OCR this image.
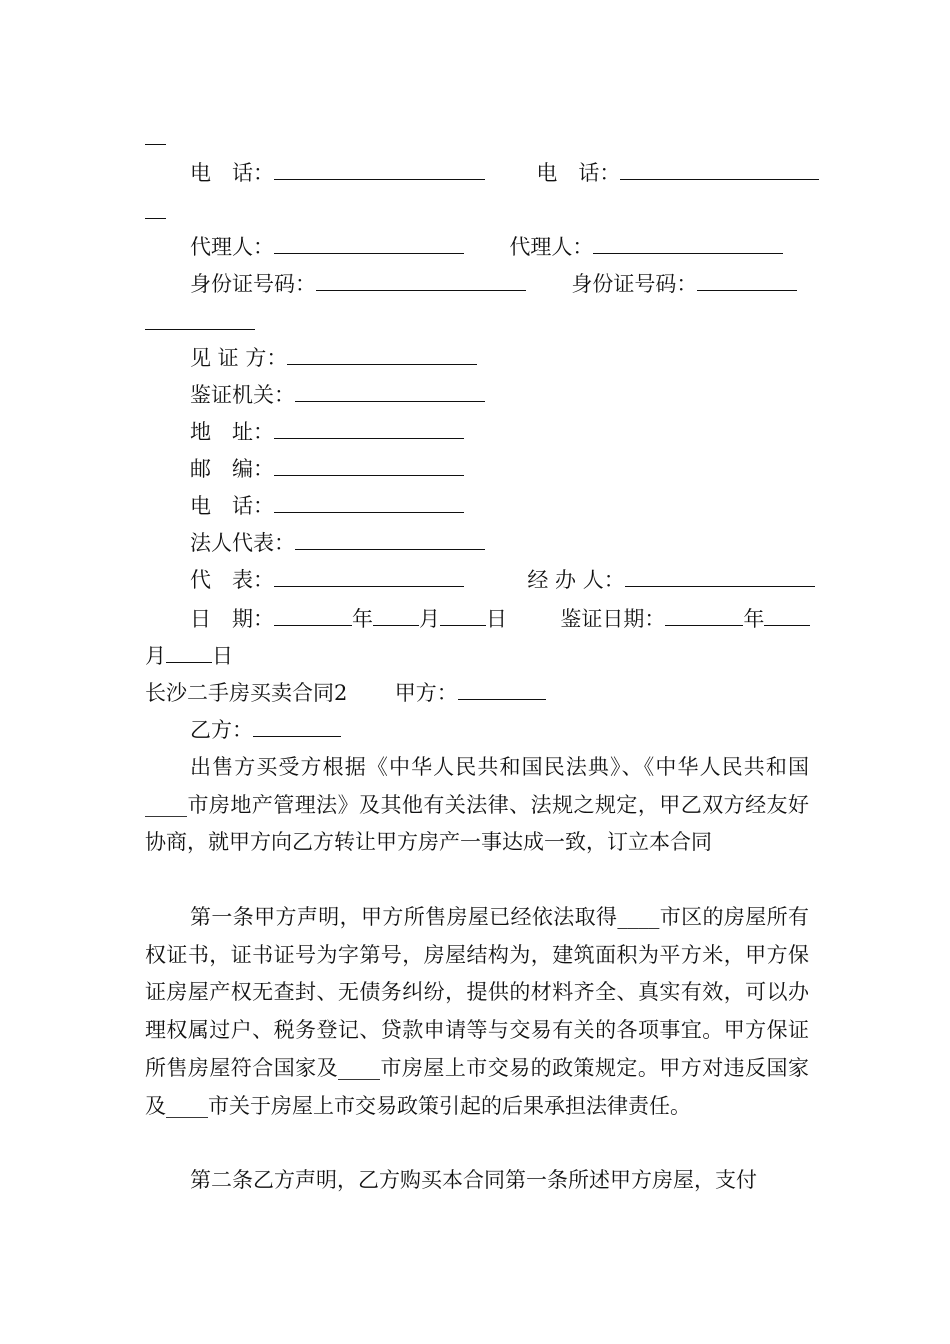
电　话：	电　话：
代理人：	代理人：
身份证号码：	身份证号码：
见 证 方：
鉴证机关：
地　址：
邮　编：
电　话：
法人代表：
代　表：	经 办 人：
日　期：	年 月 日	鉴证日期：	年
月 日
长沙二手房买卖合同2 甲方：
乙方：

出售方买受方根据《中华人民共和国民法典》、《中华人民共和国____市房地产管理法》及其他有关法律、法规之规定，甲乙双方经友好协商，就甲方向乙方转让甲方房产一事达成一致，订立本合同

第一条甲方声明，甲方所售房屋已经依法取得____市区的房屋所有权证书，证书证号为字第号，房屋结构为，建筑面积为平方米，甲方保证房屋产权无查封、无债务纠纷，提供的材料齐全、真实有效，可以办理权属过户、税务登记、贷款申请等与交易有关的各项事宜。甲方保证所售房屋符合国家及____市房屋上市交易的政策规定。甲方对违反国家及____市关于房屋上市交易政策引起的后果承担法律责任。

第二条乙方声明，乙方购买本合同第一条所述甲方房屋，支付
